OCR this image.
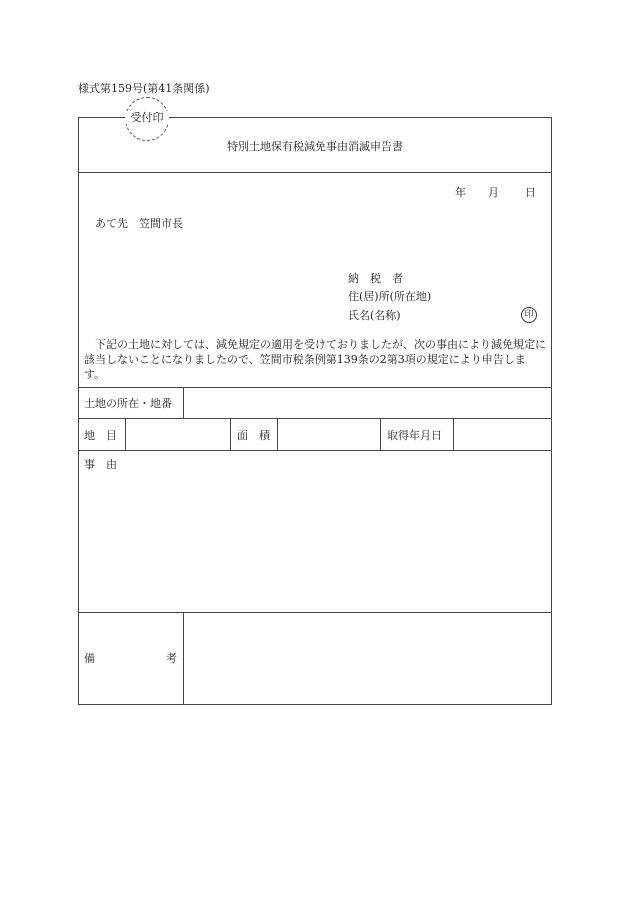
様式第159号(第41条関係)
受付印
特別土地保有税減免事由消滅申告書
年 月 日
あて先　笠間市長
納　税　者
住(居)所(所在地)
氏名(名称)	印
下記の土地に対しては、減免規定の適用を受けておりましたが、次の事由により減免規定に該当しないことになりましたので、笠間市税条例第139条の2第3項の規定により申告します。
土地の所在・地番
地　目	面　積	取得年月日
事　由
備	考
